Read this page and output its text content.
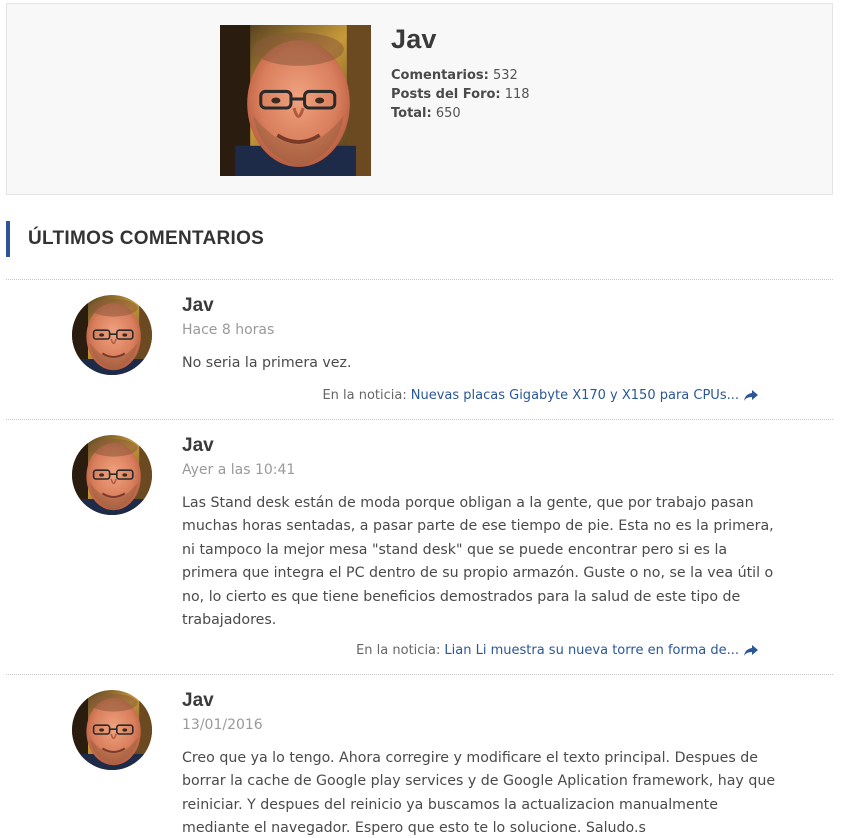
Jav
Comentarios: 532
Posts del Foro: 118
Total: 650
ÚLTIMOS COMENTARIOS
Jav
Hace 8 horas
No seria la primera vez.
En la noticia: Nuevas placas Gigabyte X170 y X150 para CPUs...
Jav
Ayer a las 10:41
Las Stand desk están de moda porque obligan a la gente, que por trabajo pasan muchas horas sentadas, a pasar parte de ese tiempo de pie. Esta no es la primera, ni tampoco la mejor mesa "stand desk" que se puede encontrar pero si es la primera que integra el PC dentro de su propio armazón. Guste o no, se la vea útil o no, lo cierto es que tiene beneficios demostrados para la salud de este tipo de trabajadores.
En la noticia: Lian Li muestra su nueva torre en forma de...
Jav
13/01/2016
Creo que ya lo tengo. Ahora corregire y modificare el texto principal. Despues de borrar la cache de Google play services y de Google Aplication framework, hay que reiniciar. Y despues del reinicio ya buscamos la actualizacion manualmente mediante el navegador. Espero que esto te lo solucione. Saludo.s
